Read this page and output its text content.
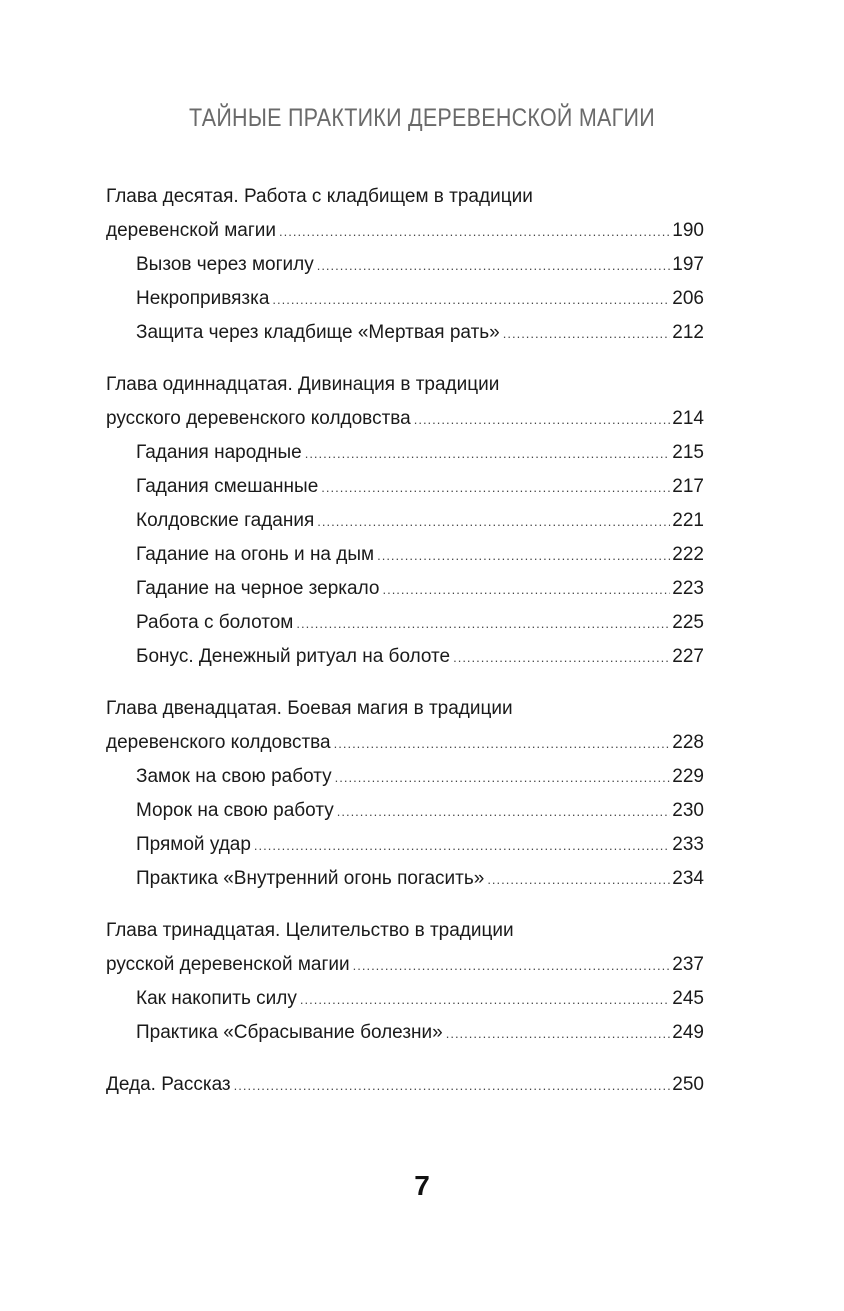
ТАЙНЫЕ ПРАКТИКИ ДЕРЕВЕНСКОЙ МАГИИ
Глава десятая. Работа с кладбищем в традиции
деревенской магии .....	190
Вызов через могилу .....	197
Некропривязка .....	206
Защита через кладбище «Мертвая рать» .....	212
Глава одиннадцатая. Дивинация в традиции
русского деревенского колдовства .....	214
Гадания народные .....	215
Гадания смешанные .....	217
Колдовские гадания .....	221
Гадание на огонь и на дым .....	222
Гадание на черное зеркало .....	223
Работа с болотом .....	225
Бонус. Денежный ритуал на болоте .....	227
Глава двенадцатая. Боевая магия в традиции
деревенского колдовства .....	228
Замок на свою работу .....	229
Морок на свою работу .....	230
Прямой удар .....	233
Практика «Внутренний огонь погасить» .....	234
Глава тринадцатая. Целительство в традиции
русской деревенской магии .....	237
Как накопить силу .....	245
Практика «Сбрасывание болезни» .....	249
Деда. Рассказ .....	250
7
